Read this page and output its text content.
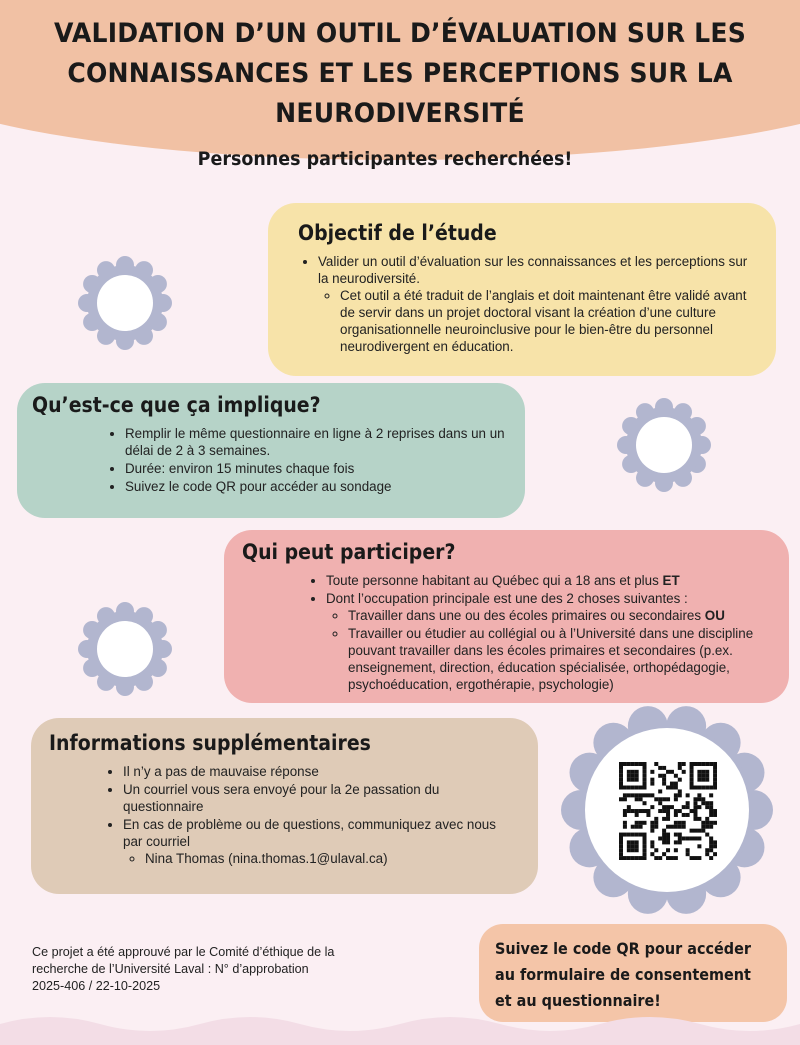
VALIDATION D’UN OUTIL D’ÉVALUATION SUR LES
CONNAISSANCES ET LES PERCEPTIONS SUR LA
NEURODIVERSITÉ
Personnes participantes recherchées!
Objectif de l’étude
• Valider un outil d’évaluation sur les connaissances et les perceptions sur la neurodiversité.
◦ Cet outil a été traduit de l’anglais et doit maintenant être validé avant de servir dans un projet doctoral visant la création d’une culture organisationnelle neuroinclusive pour le bien-être du personnel neurodivergent en éducation.
Qu’est-ce que ça implique?
• Remplir le même questionnaire en ligne à 2 reprises dans un un délai de 2 à 3 semaines.
• Durée: environ 15 minutes chaque fois
• Suivez le code QR pour accéder au sondage
Qui peut participer?
• Toute personne habitant au Québec qui a 18 ans et plus ET
• Dont l’occupation principale est une des 2 choses suivantes :
◦ Travailler dans une ou des écoles primaires ou secondaires OU
◦ Travailler ou étudier au collégial ou à l’Université dans une discipline pouvant travailler dans les écoles primaires et secondaires (p.ex. enseignement, direction, éducation spécialisée, orthopédagogie, psychoéducation, ergothérapie, psychologie)
Informations supplémentaires
• Il n’y a pas de mauvaise réponse
• Un courriel vous sera envoyé pour la 2e passation du questionnaire
• En cas de problème ou de questions, communiquez avec nous par courriel
◦ Nina Thomas (nina.thomas.1@ulaval.ca)
Ce projet a été approuvé par le Comité d’éthique de la
recherche de l’Université Laval : N° d’approbation
2025-406 / 22-10-2025

Suivez le code QR pour accéder

au formulaire de consentement

et au questionnaire!
